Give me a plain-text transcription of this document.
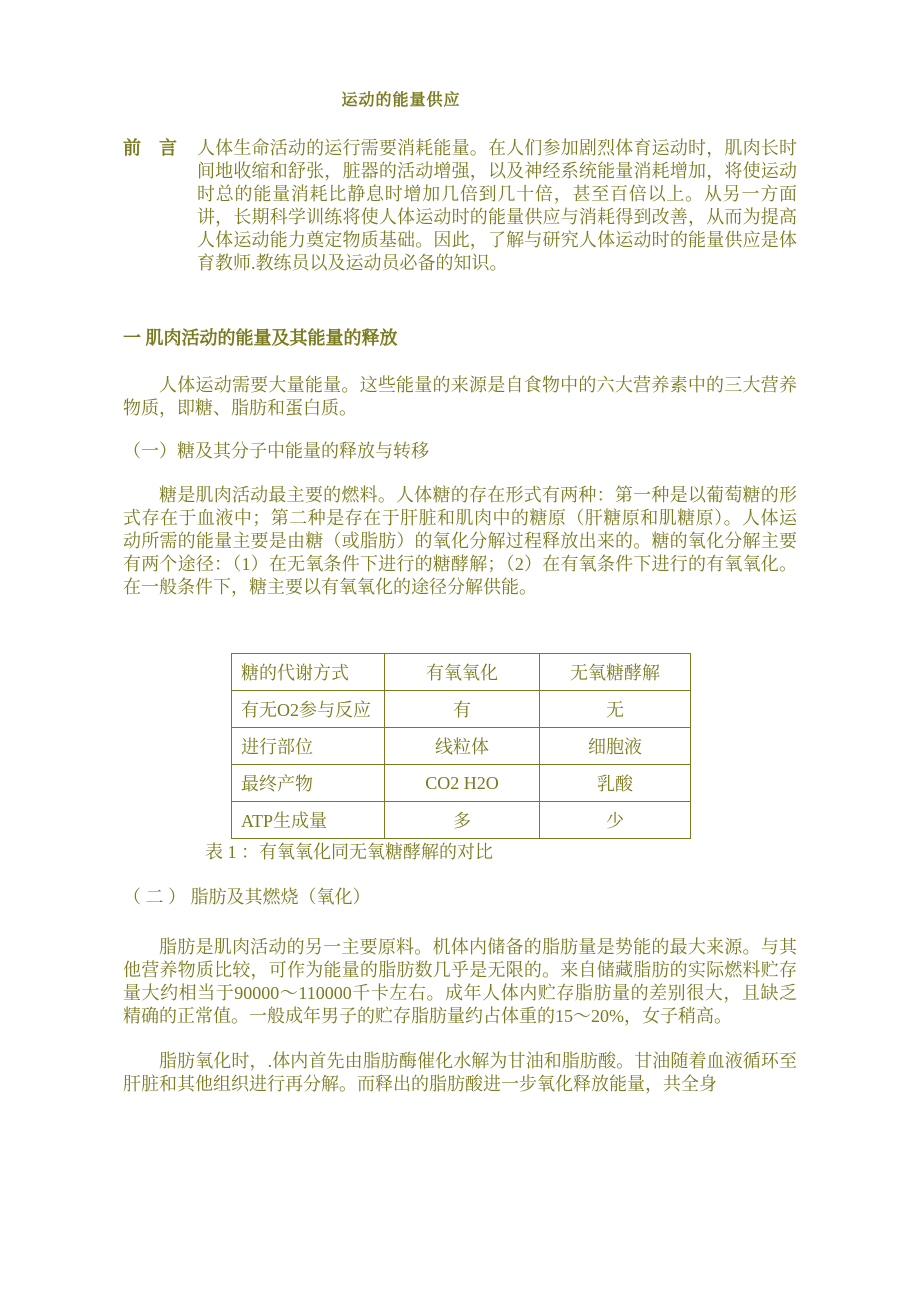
运动的能量供应
前　言	人体生命活动的运行需要消耗能量。在人们参加剧烈体育运动时，肌肉长时间地收缩和舒张，脏器的活动增强，以及神经系统能量消耗增加，将使运动时总的能量消耗比静息时增加几倍到几十倍，甚至百倍以上。从另一方面讲，长期科学训练将使人体运动时的能量供应与消耗得到改善，从而为提高人体运动能力奠定物质基础。因此，了解与研究人体运动时的能量供应是体育教师.教练员以及运动员必备的知识。

一 肌肉活动的能量及其能量的释放

人体运动需要大量能量。这些能量的来源是自食物中的六大营养素中的三大营养物质，即糖、脂肪和蛋白质。

（一）糖及其分子中能量的释放与转移

糖是肌肉活动最主要的燃料。人体糖的存在形式有两种：第一种是以葡萄糖的形式存在于血液中；第二种是存在于肝脏和肌肉中的糖原（肝糖原和肌糖原）。人体运动所需的能量主要是由糖（或脂肪）的氧化分解过程释放出来的。糖的氧化分解主要有两个途径：（1）在无氧条件下进行的糖酵解；（2）在有氧条件下进行的有氧氧化。在一般条件下，糖主要以有氧氧化的途径分解供能。

糖的代谢方式	有氧氧化	无氧糖酵解
有无O2参与反应	有	无
进行部位	线粒体	细胞液
最终产物	CO2 H2O	乳酸
ATP生成量	多	少

表 1 ：有氧氧化同无氧糖酵解的对比

（ 二 ） 脂肪及其燃烧（氧化）

脂肪是肌肉活动的另一主要原料。机体内储备的脂肪量是势能的最大来源。与其他营养物质比较，可作为能量的脂肪数几乎是无限的。来自储藏脂肪的实际燃料贮存量大约相当于90000～110000千卡左右。成年人体内贮存脂肪量的差别很大，且缺乏精确的正常值。一般成年男子的贮存脂肪量约占体重的15～20%，女子稍高。

脂肪氧化时，.体内首先由脂肪酶催化水解为甘油和脂肪酸。甘油随着血液循环至肝脏和其他组织进行再分解。而释出的脂肪酸进一步氧化释放能量，共全身
